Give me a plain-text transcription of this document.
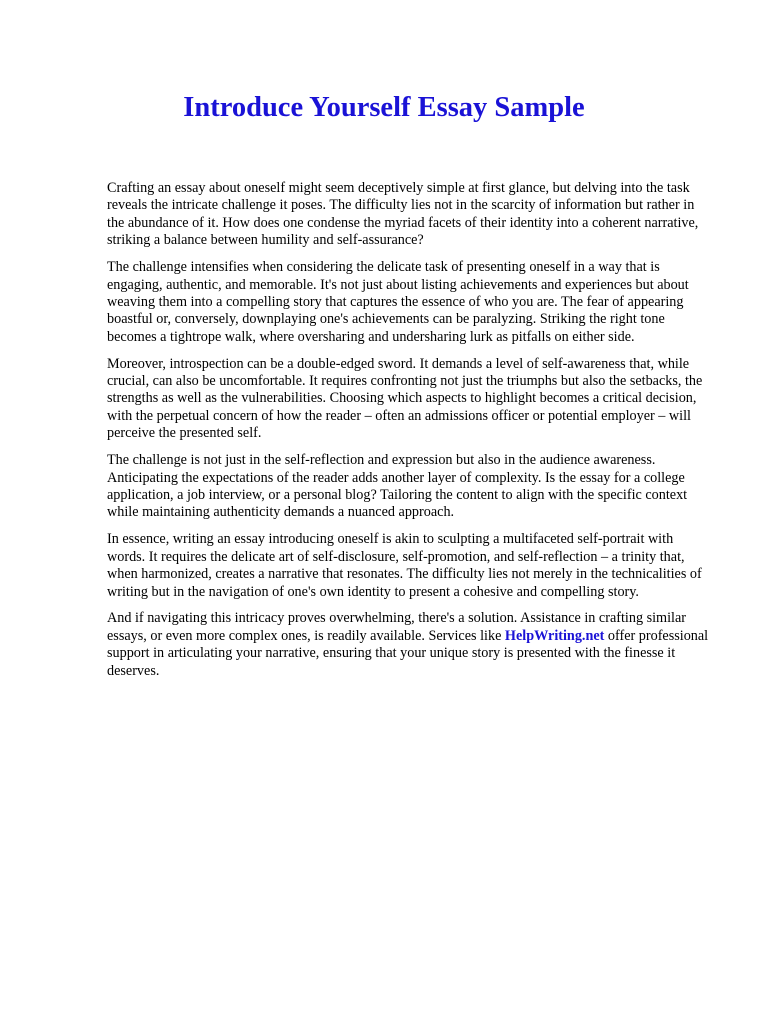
Introduce Yourself Essay Sample

Crafting an essay about oneself might seem deceptively simple at first glance, but delving into the task reveals the intricate challenge it poses. The difficulty lies not in the scarcity of information but rather in the abundance of it. How does one condense the myriad facets of their identity into a coherent narrative, striking a balance between humility and self-assurance?

The challenge intensifies when considering the delicate task of presenting oneself in a way that is engaging, authentic, and memorable. It's not just about listing achievements and experiences but about weaving them into a compelling story that captures the essence of who you are. The fear of appearing boastful or, conversely, downplaying one's achievements can be paralyzing. Striking the right tone becomes a tightrope walk, where oversharing and undersharing lurk as pitfalls on either side.

Moreover, introspection can be a double-edged sword. It demands a level of self-awareness that, while crucial, can also be uncomfortable. It requires confronting not just the triumphs but also the setbacks, the strengths as well as the vulnerabilities. Choosing which aspects to highlight becomes a critical decision, with the perpetual concern of how the reader – often an admissions officer or potential employer – will perceive the presented self.

The challenge is not just in the self-reflection and expression but also in the audience awareness. Anticipating the expectations of the reader adds another layer of complexity. Is the essay for a college application, a job interview, or a personal blog? Tailoring the content to align with the specific context while maintaining authenticity demands a nuanced approach.

In essence, writing an essay introducing oneself is akin to sculpting a multifaceted self-portrait with words. It requires the delicate art of self-disclosure, self-promotion, and self-reflection – a trinity that, when harmonized, creates a narrative that resonates. The difficulty lies not merely in the technicalities of writing but in the navigation of one's own identity to present a cohesive and compelling story.

And if navigating this intricacy proves overwhelming, there's a solution. Assistance in crafting similar essays, or even more complex ones, is readily available. Services like HelpWriting.net offer professional support in articulating your narrative, ensuring that your unique story is presented with the finesse it deserves.
